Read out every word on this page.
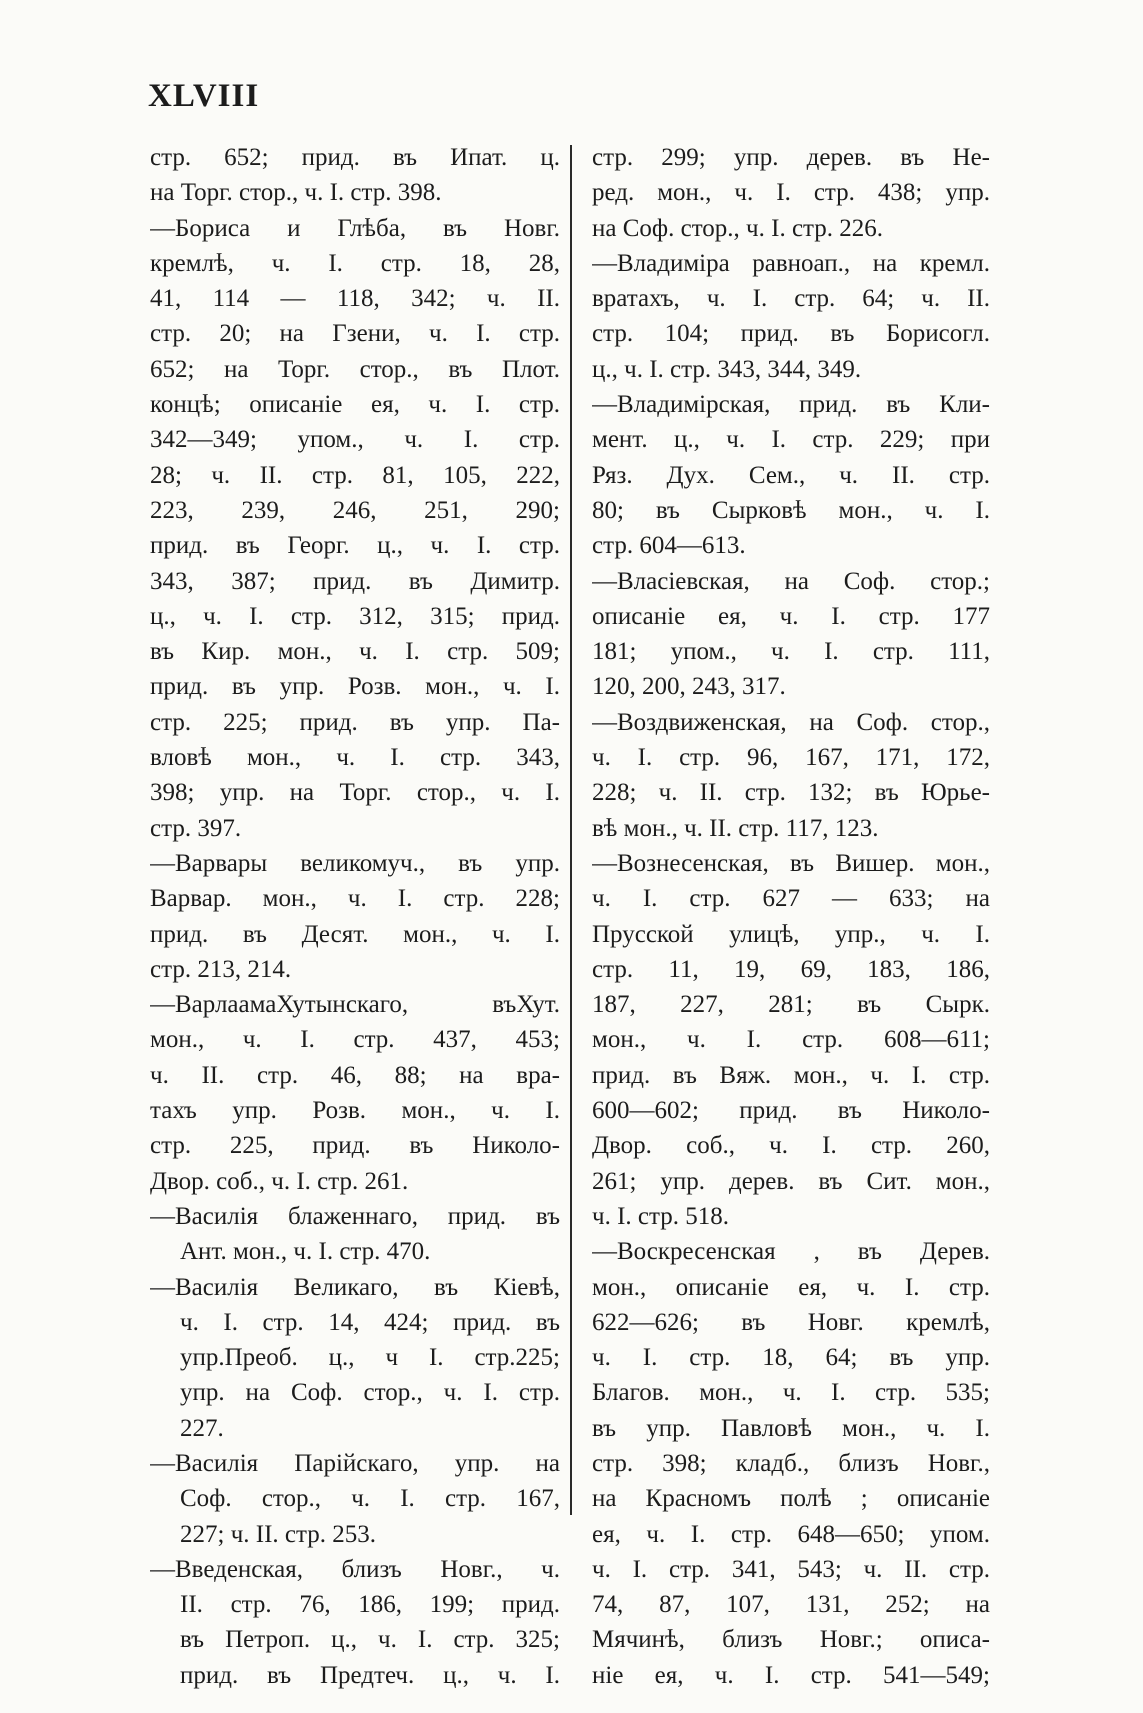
XLVIII
стр. 652; прид. въ Ипат. ц.
на Торг. стор., ч. I. стр. 398.
—Бориса и Глѣба, въ Новг.
кремлѣ, ч. I. стр. 18, 28,
41, 114 — 118, 342; ч. II.
стр. 20; на Гзени, ч. I. стр.
652; на Торг. стор., въ Плот.
концѣ; описаніе ея, ч. I. стр.
342—349; упом., ч. I. стр.
28; ч. II. стр. 81, 105, 222,
223, 239, 246, 251, 290;
прид. въ Георг. ц., ч. I. стр.
343, 387; прид. въ Димитр.
ц., ч. I. стр. 312, 315; прид.
въ Кир. мон., ч. I. стр. 509;
прид. въ упр. Розв. мон., ч. I.
стр. 225; прид. въ упр. Па-
вловѣ мон., ч. I. стр. 343,
398; упр. на Торг. стор., ч. I.
стр. 397.
—Варвары великомуч., въ упр.
Варвар. мон., ч. I. стр. 228;
прид. въ Десят. мон., ч. I.
стр. 213, 214.
—ВарлаамаХутынскаго, въХут.
мон., ч. I. стр. 437, 453;
ч. II. стр. 46, 88; на вра-
тахъ упр. Розв. мон., ч. I.
стр. 225, прид. въ Николо-
Двор. соб., ч. I. стр. 261.
—Василія блаженнаго, прид. въ
Ант. мон., ч. I. стр. 470.
—Василія Великаго, въ Кіевѣ,
ч. I. стр. 14, 424; прид. въ
упр.Преоб. ц., ч I. стр.225;
упр. на Соф. стор., ч. I. стр.
227.
—Василія Парійскаго, упр. на
Соф. стор., ч. I. стр. 167,
227; ч. II. стр. 253.
—Введенская, близъ Новг., ч.
II. стр. 76, 186, 199; прид.
въ Петроп. ц., ч. I. стр. 325;
прид. въ Предтеч. ц., ч. I.
стр. 299; упр. дерев. въ Не-
ред. мон., ч. I. стр. 438; упр.
на Соф. стор., ч. I. стр. 226.
—Владиміра равноап., на кремл.
вратахъ, ч. I. стр. 64; ч. II.
стр. 104; прид. въ Борисогл.
ц., ч. I. стр. 343, 344, 349.
—Владимірская, прид. въ Кли-
мент. ц., ч. I. стр. 229; при
Ряз. Дух. Сем., ч. II. стр.
80; въ Сырковѣ мон., ч. I.
стр. 604—613.
—Власіевская, на Соф. стор.;
описаніе ея, ч. I. стр. 177
181; упом., ч. I. стр. 111,
120, 200, 243, 317.
—Воздвиженская, на Соф. стор.,
ч. I. стр. 96, 167, 171, 172,
228; ч. II. стр. 132; въ Юрье-
вѣ мон., ч. II. стр. 117, 123.
—Вознесенская, въ Вишер. мон.,
ч. I. стр. 627 — 633; на
Прусской улицѣ, упр., ч. I.
стр. 11, 19, 69, 183, 186,
187, 227, 281; въ Сырк.
мон., ч. I. стр. 608—611;
прид. въ Вяж. мон., ч. I. стр.
600—602; прид. въ Николо-
Двор. соб., ч. I. стр. 260,
261; упр. дерев. въ Сит. мон.,
ч. I. стр. 518.
—Воскресенская , въ Дерев.
мон., описаніе ея, ч. I. стр.
622—626; въ Новг. кремлѣ,
ч. I. стр. 18, 64; въ упр.
Благов. мон., ч. I. стр. 535;
въ упр. Павловѣ мон., ч. I.
стр. 398; кладб., близъ Новг.,
на Красномъ полѣ ; описаніе
ея, ч. I. стр. 648—650; упом.
ч. I. стр. 341, 543; ч. II. стр.
74, 87, 107, 131, 252; на
Мячинѣ, близъ Новг.; описа-
ніе ея, ч. I. стр. 541—549;
